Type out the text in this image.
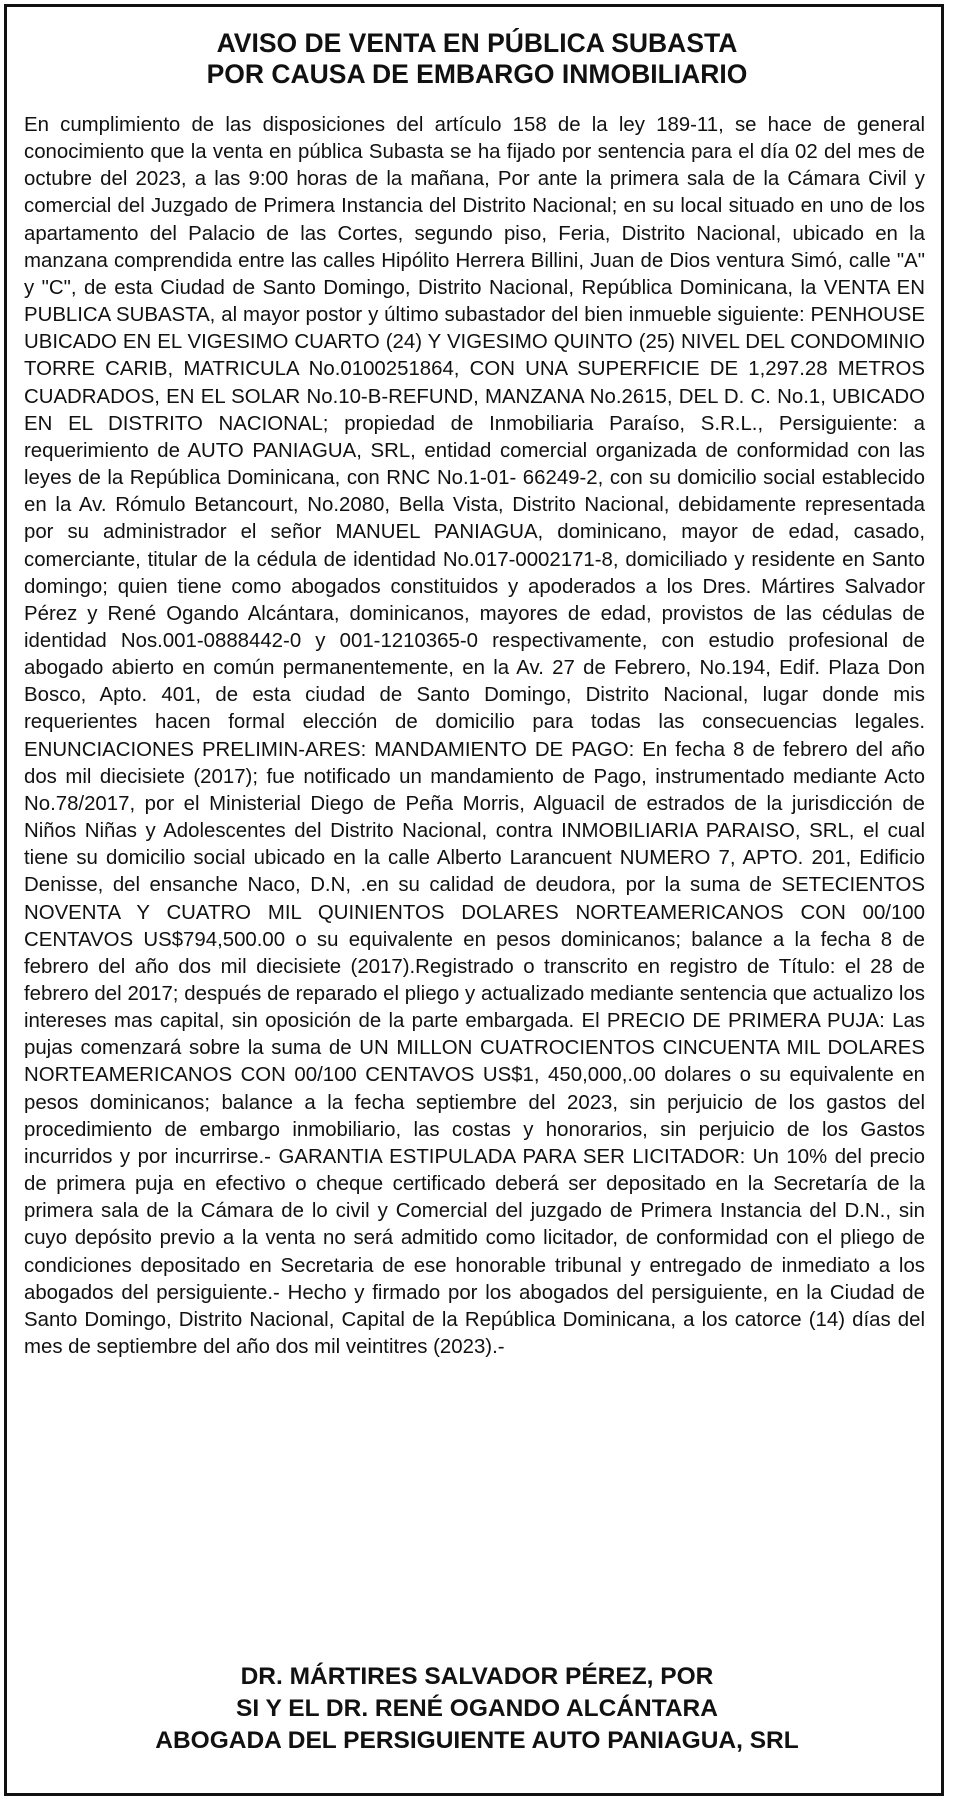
AVISO DE VENTA EN PÚBLICA SUBASTA
POR CAUSA DE EMBARGO INMOBILIARIO
En cumplimiento de las disposiciones del artículo 158 de la ley 189-11, se hace de general conocimiento que la venta en pública Subasta se ha fijado por sentencia para el día 02 del mes de octubre del 2023, a las 9:00 horas de la mañana, Por ante la primera sala de la Cámara Civil y comercial del Juzgado de Primera Instancia del Distrito Nacional; en su local situado en uno de los apartamento del Palacio de las Cortes, segundo piso, Feria, Distrito Nacional, ubicado en la manzana comprendida entre las calles Hipólito Herrera Billini, Juan de Dios ventura Simó, calle "A" y "C", de esta Ciudad de Santo Domingo, Distrito Nacional, República Dominicana, la VENTA EN PUBLICA SUBASTA, al mayor postor y último subastador del bien inmueble siguiente: PENHOUSE UBICADO EN EL VIGESIMO CUARTO (24) Y VIGESIMO QUINTO (25) NIVEL DEL CONDOMINIO TORRE CARIB, MATRICULA No.0100251864, CON UNA SUPERFICIE DE 1,297.28 METROS CUADRADOS, EN EL SOLAR No.10-B-REFUND, MANZANA No.2615, DEL D. C. No.1, UBICADO EN EL DISTRITO NACIONAL; propiedad de Inmobiliaria Paraíso, S.R.L., Persiguiente: a requerimiento de AUTO PANIAGUA, SRL, entidad comercial organizada de conformidad con las leyes de la República Dominicana, con RNC No.1-01- 66249-2, con su domicilio social establecido en la Av. Rómulo Betancourt, No.2080, Bella Vista, Distrito Nacional, debidamente representada por su administrador el señor MANUEL PANIAGUA, dominicano, mayor de edad, casado, comerciante, titular de la cédula de identidad No.017-0002171-8, domiciliado y residente en Santo domingo; quien tiene como abogados constituidos y apoderados a los Dres. Mártires Salvador Pérez y René Ogando Alcántara, dominicanos, mayores de edad, provistos de las cédulas de identidad Nos.001-0888442-0 y 001-1210365-0 respectivamente, con estudio profesional de abogado abierto en común permanentemente, en la Av. 27 de Febrero, No.194, Edif. Plaza Don Bosco, Apto. 401, de esta ciudad de Santo Domingo, Distrito Nacional, lugar donde mis requerientes hacen formal elección de domicilio para todas las consecuencias legales. ENUNCIACIONES PRELIMIN-ARES: MANDAMIENTO DE PAGO: En fecha 8 de febrero del año dos mil diecisiete (2017); fue notificado un mandamiento de Pago, instrumentado mediante Acto No.78/2017, por el Ministerial Diego de Peña Morris, Alguacil de estrados de la jurisdicción de Niños Niñas y Adolescentes del Distrito Nacional, contra INMOBILIARIA PARAISO, SRL, el cual tiene su domicilio social ubicado en la calle Alberto Larancuent NUMERO 7, APTO. 201, Edificio Denisse, del ensanche Naco, D.N, .en su calidad de deudora, por la suma de SETECIENTOS NOVENTA Y CUATRO MIL QUINIENTOS DOLARES NORTEAMERICANOS CON 00/100 CENTAVOS US$794,500.00 o su equivalente en pesos dominicanos; balance a la fecha 8 de febrero del año dos mil diecisiete (2017).Registrado o transcrito en registro de Título: el 28 de febrero del 2017; después de reparado el pliego y actualizado mediante sentencia que actualizo los intereses mas capital, sin oposición de la parte embargada. El PRECIO DE PRIMERA PUJA: Las pujas comenzará sobre la suma de UN MILLON CUATROCIENTOS CINCUENTA MIL DOLARES NORTEAMERICANOS CON 00/100 CENTAVOS US$1, 450,000,.00 dolares o su equivalente en pesos dominicanos; balance a la fecha septiembre del 2023, sin perjuicio de los gastos del procedimiento de embargo inmobiliario, las costas y honorarios, sin perjuicio de los Gastos incurridos y por incurrirse.- GARANTIA ESTIPULADA PARA SER LICITADOR: Un 10% del precio de primera puja en efectivo o cheque certificado deberá ser depositado en la Secretaría de la primera sala de la Cámara de lo civil y Comercial del juzgado de Primera Instancia del D.N., sin cuyo depósito previo a la venta no será admitido como licitador, de conformidad con el pliego de condiciones depositado en Secretaria de ese honorable tribunal y entregado de inmediato a los abogados del persiguiente.- Hecho y firmado por los abogados del persiguiente, en la Ciudad de Santo Domingo, Distrito Nacional, Capital de la República Dominicana, a los catorce (14) días del mes de septiembre del año dos mil veintitres (2023).-
DR. MÁRTIRES SALVADOR PÉREZ, POR
SI Y EL DR. RENÉ OGANDO ALCÁNTARA
ABOGADA DEL PERSIGUIENTE AUTO PANIAGUA, SRL
